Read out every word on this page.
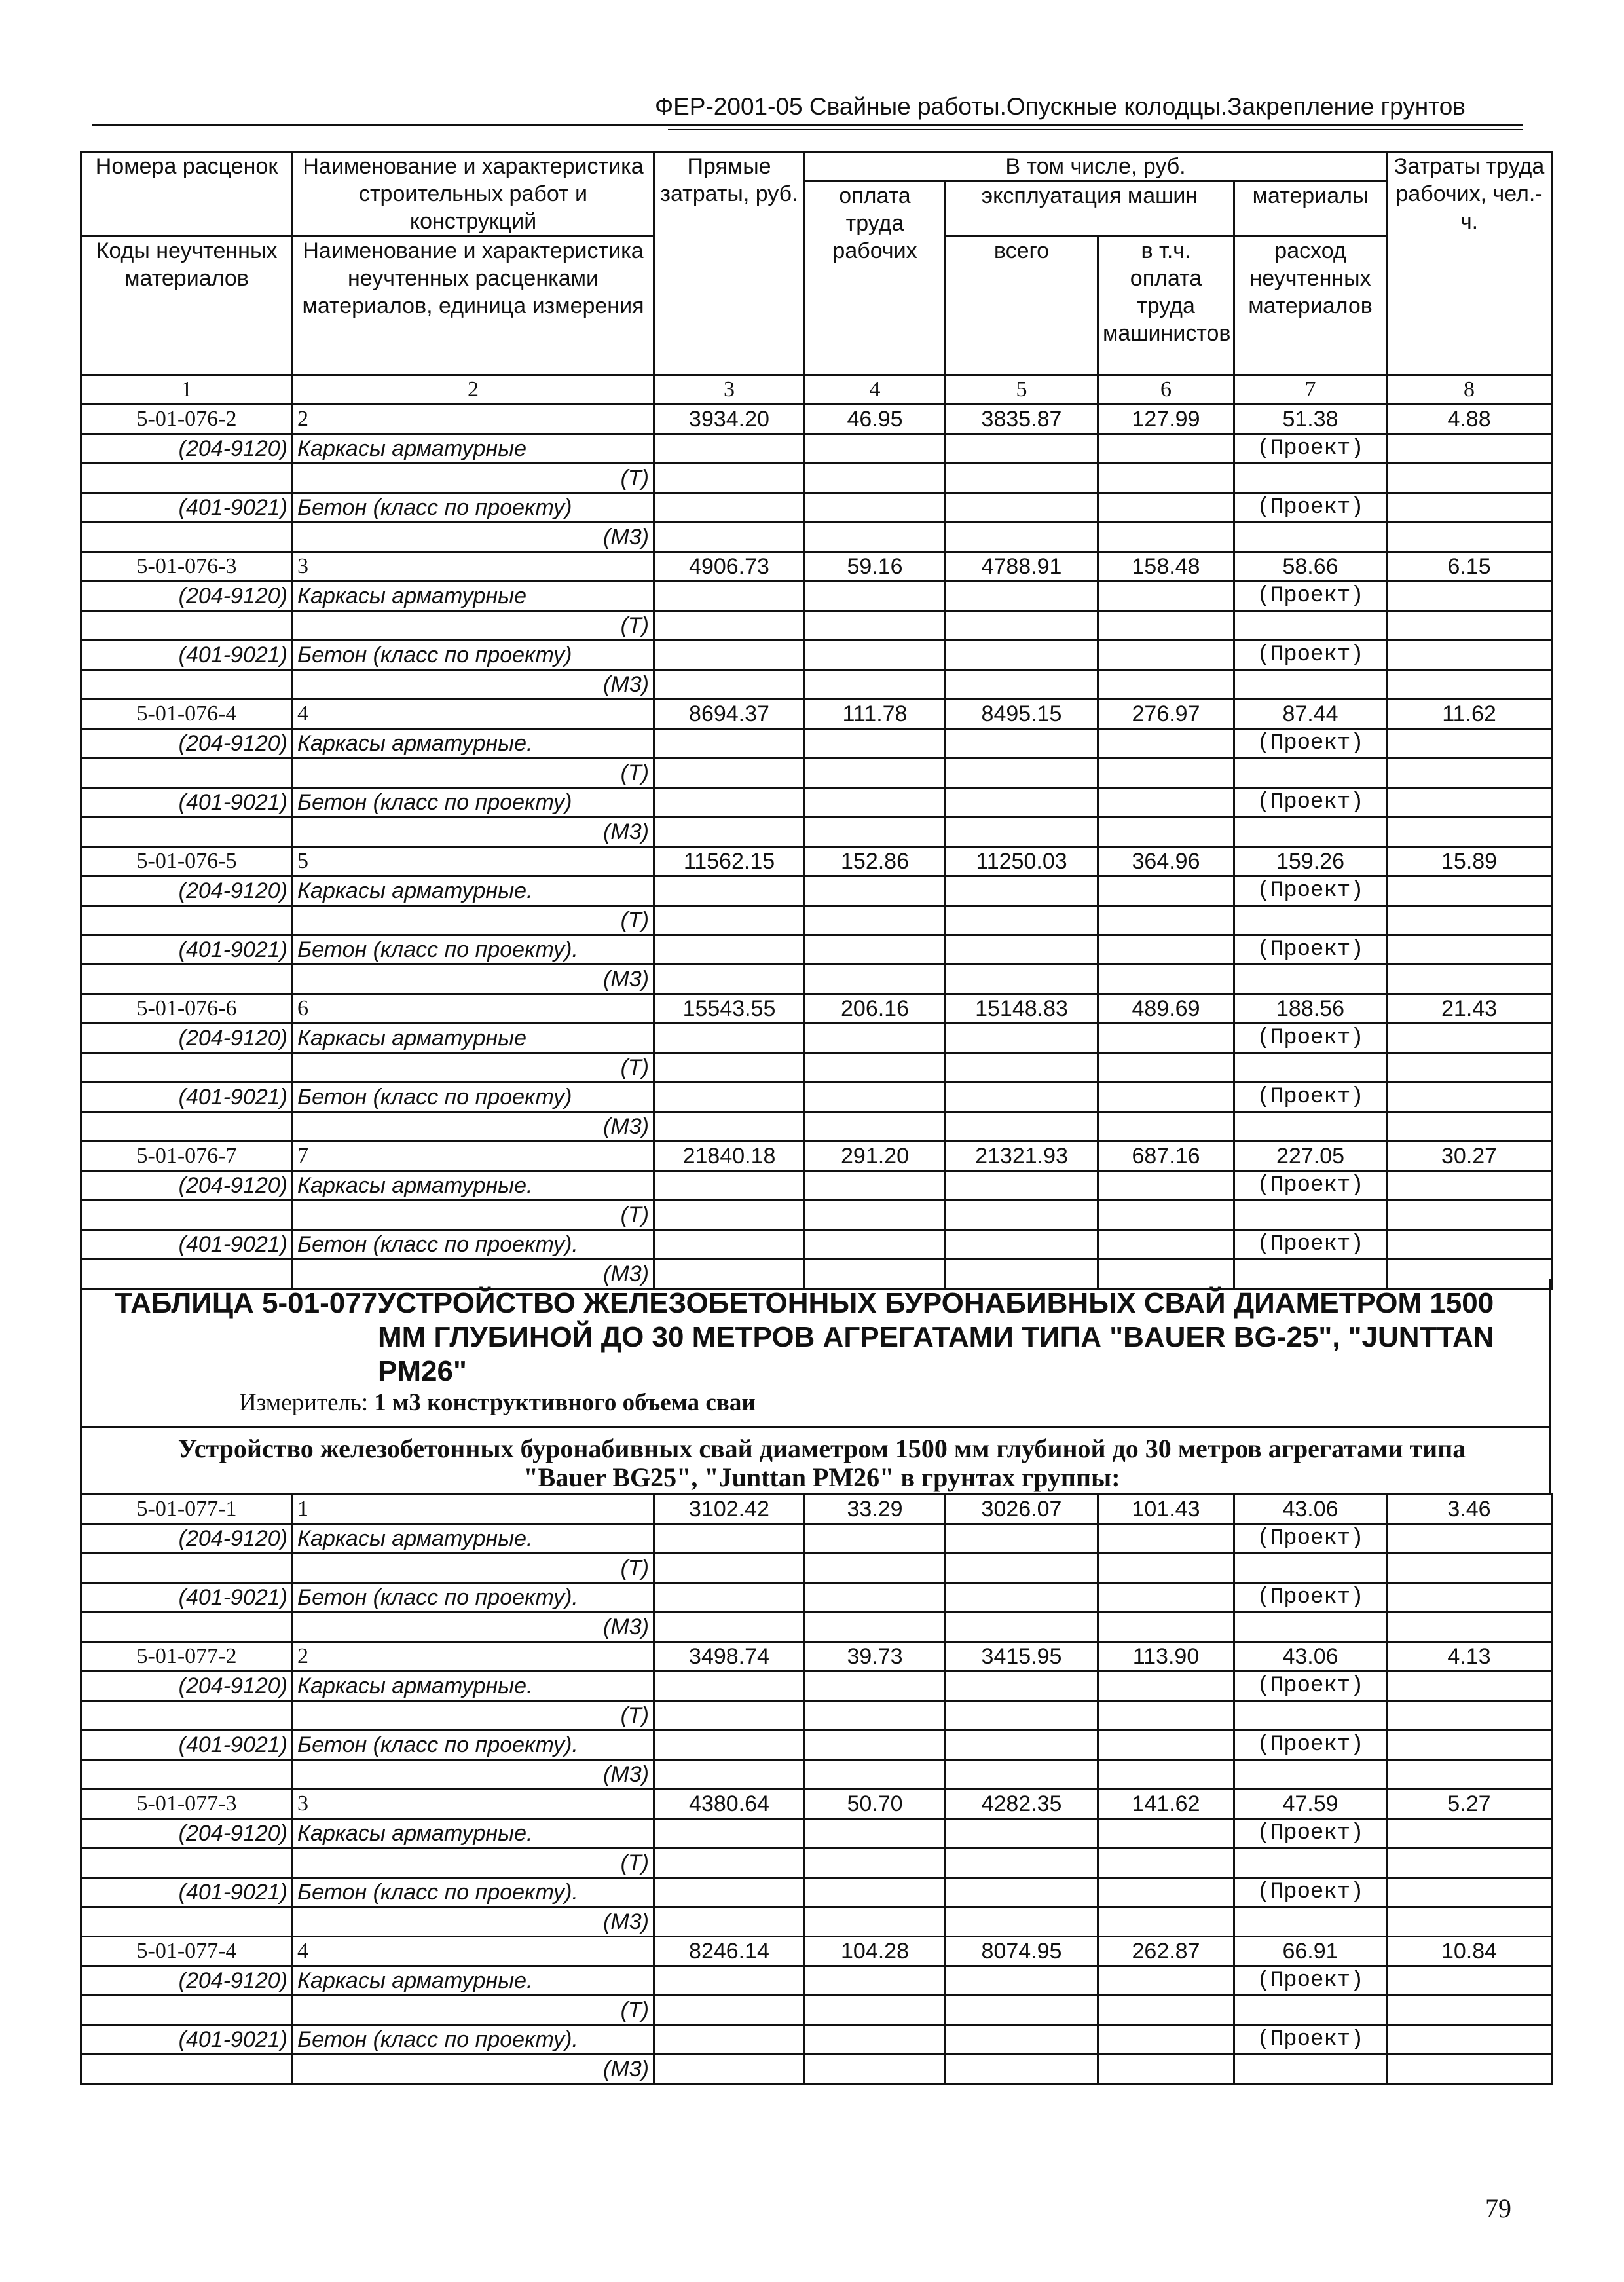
ФЕР-2001-05 Свайные работы.Опускные колодцы.Закрепление грунтов
Номера расценок	Наименование и характеристика строительных работ и конструкций	Прямые затраты, руб.	В том числе, руб.				Затраты труда рабочих, чел.-ч.
			оплата труда рабочих	эксплуатация машин		материалы	
Коды неучтенных материалов	Наименование и характеристика неучтенных расценками материалов, единица измерения			всего	в т.ч. оплата труда машинистов	расход неучтенных материалов	

1	2	3	4	5	6	7	8
5-01-076-2	2	3934.20	46.95	3835.87	127.99	51.38	4.88
(204-9120)	Каркасы арматурные					(Проект)	
	(Т)						
(401-9021)	Бетон (класс по проекту)					(Проект)	
	(М3)						
5-01-076-3	3	4906.73	59.16	4788.91	158.48	58.66	6.15
(204-9120)	Каркасы арматурные					(Проект)	
	(Т)						
(401-9021)	Бетон (класс по проекту)					(Проект)	
	(М3)						
5-01-076-4	4	8694.37	111.78	8495.15	276.97	87.44	11.62
(204-9120)	Каркасы арматурные.					(Проект)	
	(Т)						
(401-9021)	Бетон (класс по проекту)					(Проект)	
	(М3)						
5-01-076-5	5	11562.15	152.86	11250.03	364.96	159.26	15.89
(204-9120)	Каркасы арматурные.					(Проект)	
	(Т)						
(401-9021)	Бетон (класс по проекту).					(Проект)	
	(М3)						
5-01-076-6	6	15543.55	206.16	15148.83	489.69	188.56	21.43
(204-9120)	Каркасы арматурные					(Проект)	
	(Т)						
(401-9021)	Бетон (класс по проекту)					(Проект)	
	(М3)						
5-01-076-7	7	21840.18	291.20	21321.93	687.16	227.05	30.27
(204-9120)	Каркасы арматурные.					(Проект)	
	(Т)						
(401-9021)	Бетон (класс по проекту).					(Проект)	
	(М3)						
ТАБЛИЦА 5-01-077.
УСТРОЙСТВО ЖЕЛЕЗОБЕТОННЫХ БУРОНАБИВНЫХ СВАЙ ДИАМЕТРОМ 1500 ММ ГЛУБИНОЙ ДО 30 МЕТРОВ АГРЕГАТАМИ ТИПА "BAUER BG-25", "JUNTTAN PM26"
Измеритель: 1 м3 конструктивного объема сваи
Устройство железобетонных буронабивных свай диаметром 1500 мм глубиной до 30 метров агрегатами типа "Bauer BG25", "Junttan PM26" в грунтах группы:
5-01-077-1	1	3102.42	33.29	3026.07	101.43	43.06	3.46
(204-9120)	Каркасы арматурные.					(Проект)	
	(Т)						
(401-9021)	Бетон (класс по проекту).					(Проект)	
	(М3)						
5-01-077-2	2	3498.74	39.73	3415.95	113.90	43.06	4.13
(204-9120)	Каркасы арматурные.					(Проект)	
	(Т)						
(401-9021)	Бетон (класс по проекту).					(Проект)	
	(М3)						
5-01-077-3	3	4380.64	50.70	4282.35	141.62	47.59	5.27
(204-9120)	Каркасы арматурные.					(Проект)	
	(Т)						
(401-9021)	Бетон (класс по проекту).					(Проект)	
	(М3)						
5-01-077-4	4	8246.14	104.28	8074.95	262.87	66.91	10.84
(204-9120)	Каркасы арматурные.					(Проект)	
	(Т)						
(401-9021)	Бетон (класс по проекту).					(Проект)	
	(М3)						
79
